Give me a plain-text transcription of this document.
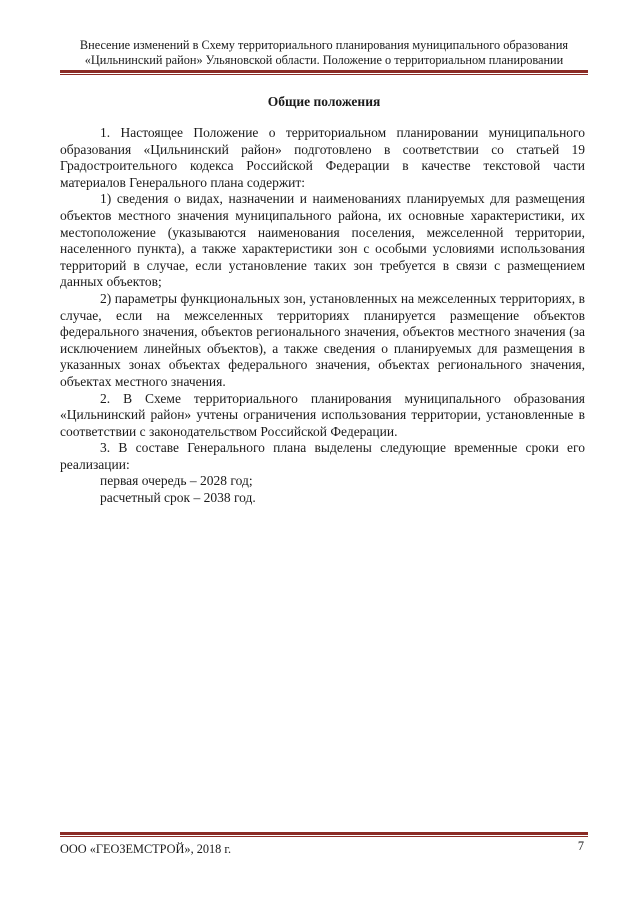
Внесение изменений в Схему территориального планирования муниципального образования
«Цильнинский район» Ульяновской области. Положение о территориальном планировании
Общие положения

1. Настоящее Положение о территориальном планировании муниципального образования «Цильнинский район» подготовлено в соответствии со статьей 19 Градостроительного кодекса Российской Федерации в качестве текстовой части материалов Генерального плана содержит:

1) сведения о видах, назначении и наименованиях планируемых для размещения объектов местного значения муниципального района, их основные характеристики, их местоположение (указываются наименования поселения, межселенной территории, населенного пункта), а также характеристики зон с особыми условиями использования территорий в случае, если установление таких зон требуется в связи с размещением данных объектов;

2) параметры функциональных зон, установленных на межселенных территориях, в случае, если на межселенных территориях планируется размещение объектов федерального значения, объектов регионального значения, объектов местного значения (за исключением линейных объектов), а также сведения о планируемых для размещения в указанных зонах объектах федерального значения, объектах регионального значения, объектах местного значения.

2. В Схеме территориального планирования муниципального образования «Цильнинский район» учтены ограничения использования территории, установленные в соответствии с законодательством Российской Федерации.

3. В составе Генерального плана выделены следующие временные сроки его реализации:

первая очередь – 2028 год;

расчетный срок – 2038 год.

ООО «ГЕОЗЕМСТРОЙ», 2018 г.	7
